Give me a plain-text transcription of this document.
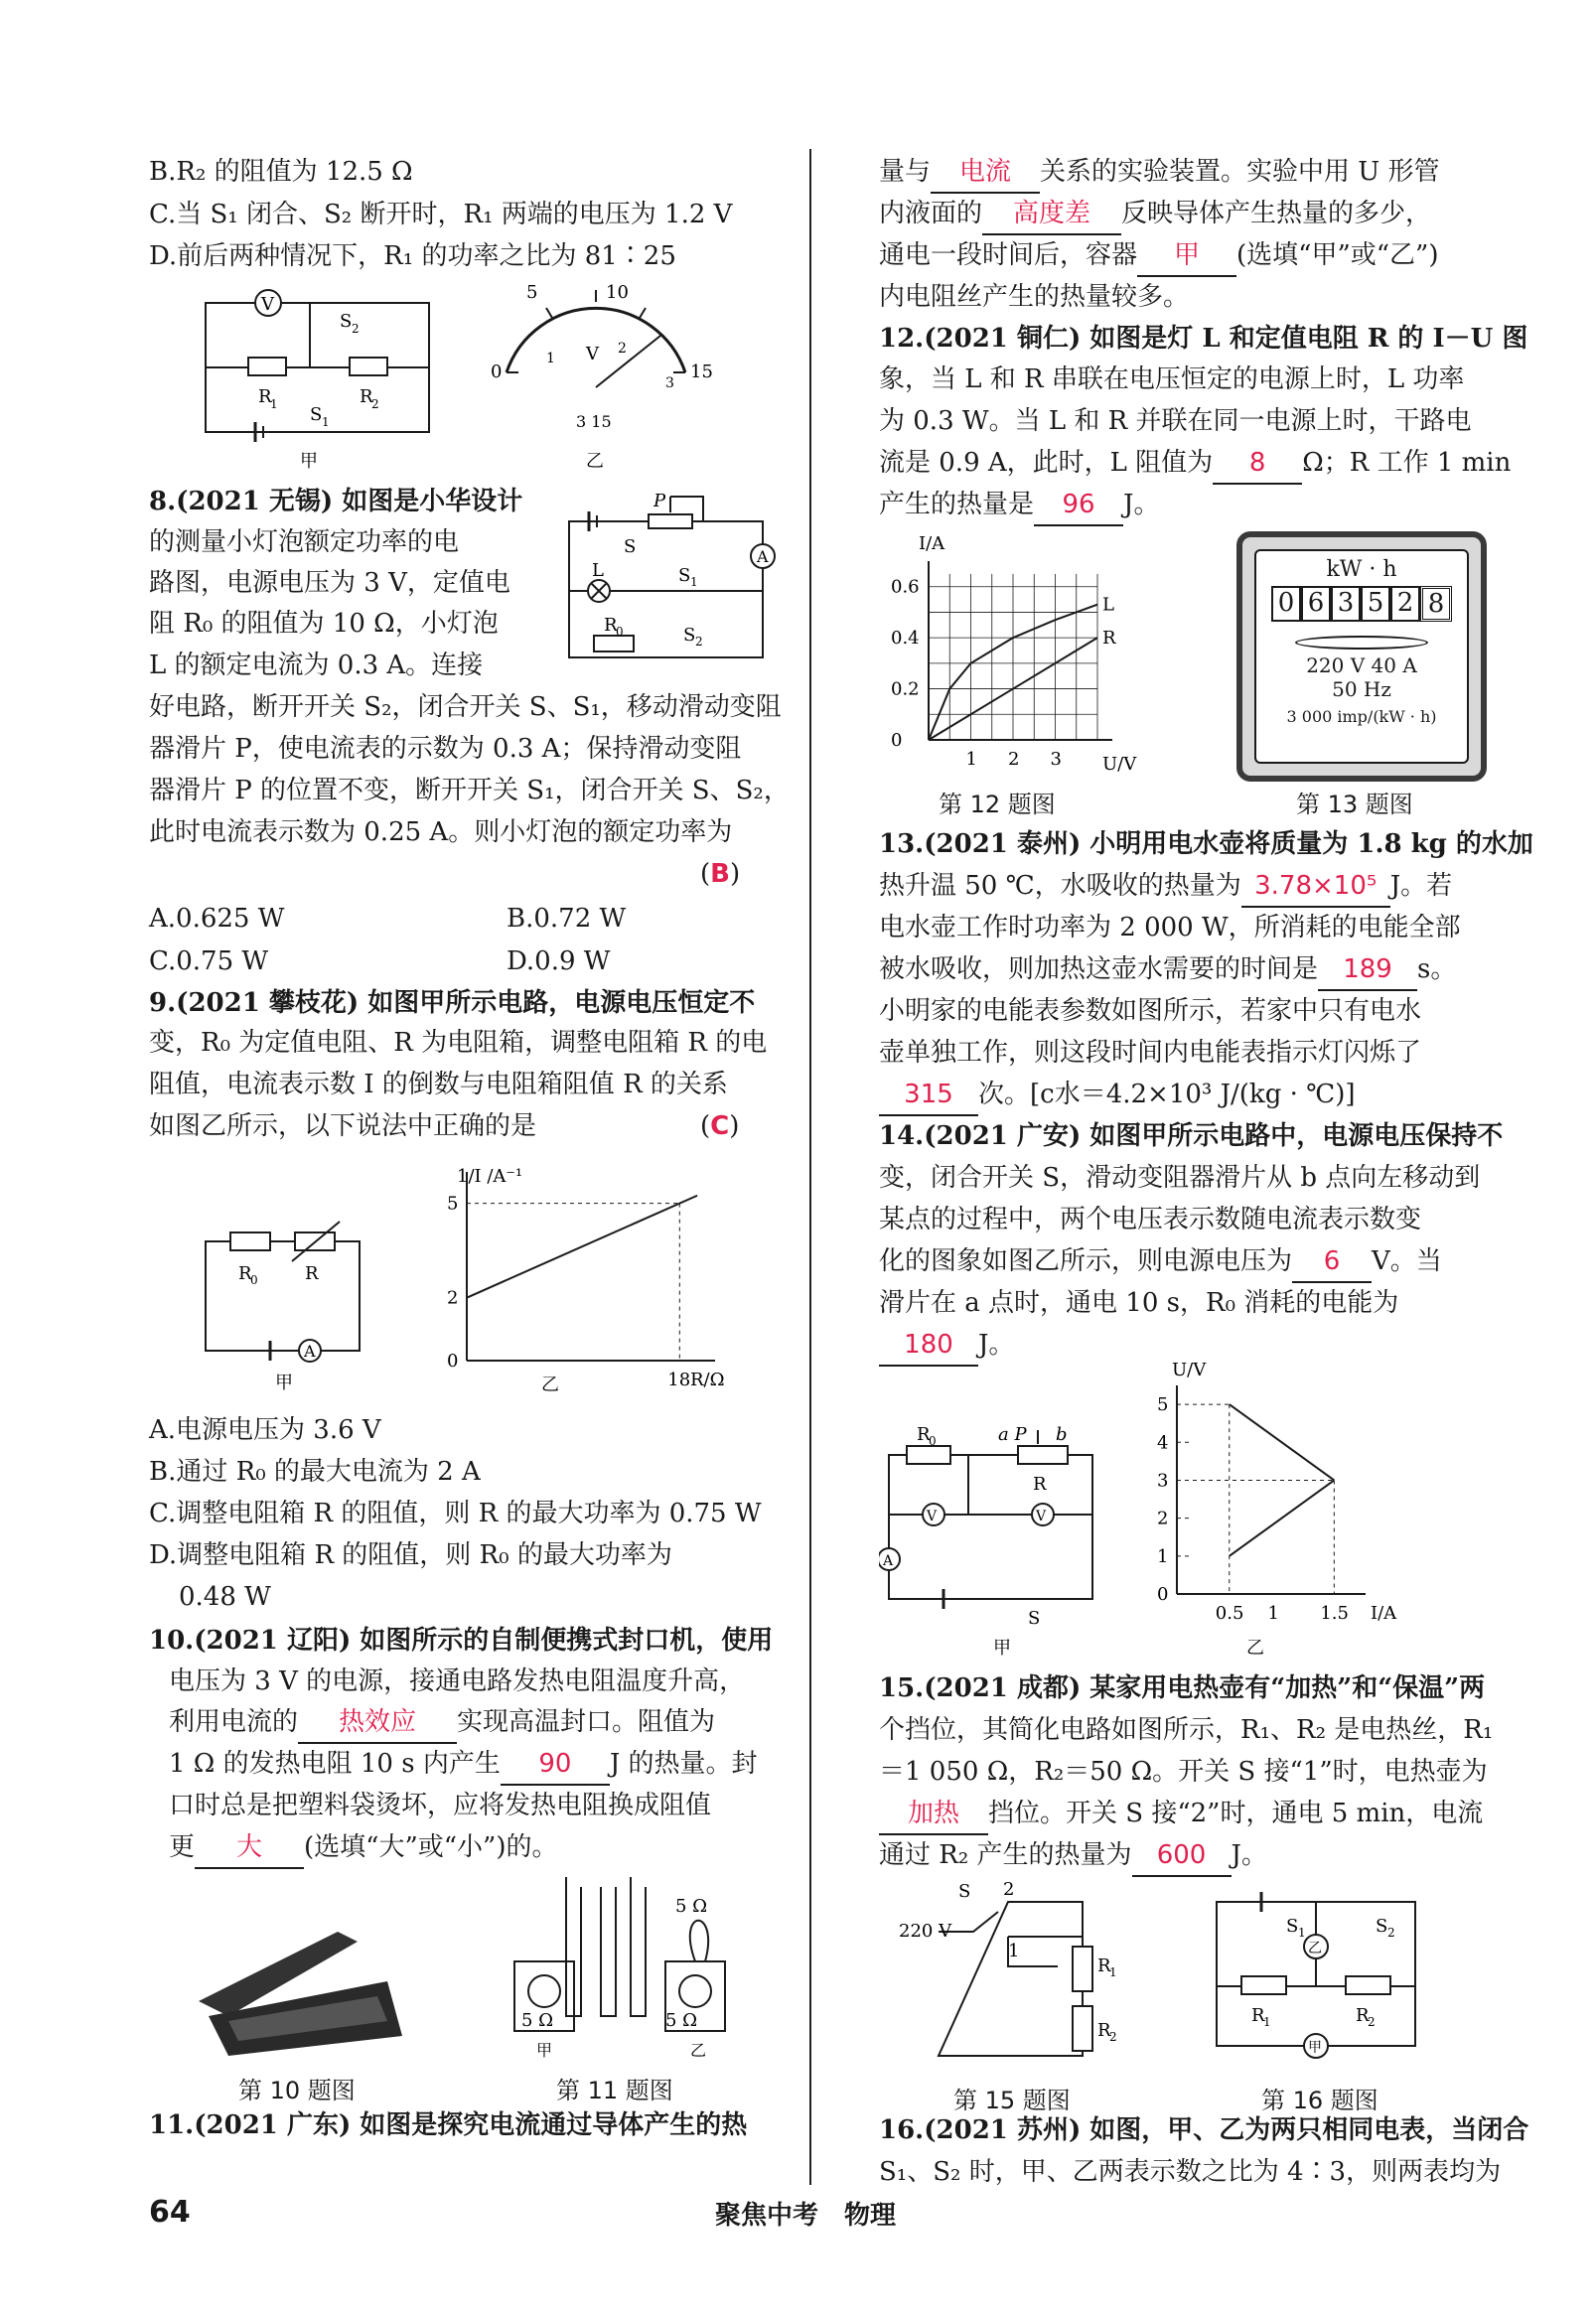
B.R₂ 的阻值为 12.5 Ω
C.当 S₁ 闭合、S₂ 断开时，R₁ 两端的电压为 1.2 V
D.前后两种情况下，R₁ 的功率之比为 81∶25
V
S 2
R
1	R
2
S 1
甲
0
5	10
15
1
2
3
V
3 15
乙
8.(2021 无锡) 如图是小华设计
的测量小灯泡额定功率的电
路图，电源电压为 3 V，定值电
阻 R₀ 的阻值为 10 Ω，小灯泡
L 的额定电流为 0.3 A。连接
好电路，断开开关 S₂，闭合开关 S、S₁，移动滑动变阻
器滑片 P，使电流表的示数为 0.3 A；保持滑动变阻
器滑片 P 的位置不变，断开开关 S₁，闭合开关 S、S₂，
此时电流表示数为 0.25 A。则小灯泡的额定功率为
(B)
A.0.625 W	B.0.72 W
C.0.75 W	D.0.9 W
A
P
S
L	S 1
R
0	S 2
9.(2021 攀枝花) 如图甲所示电路，电源电压恒定不
变，R₀ 为定值电阻、R 为电阻箱，调整电阻箱 R 的电
阻值，电流表示数 I 的倒数与电阻箱阻值 R 的关系
如图乙所示，以下说法中正确的是	(C)
A
R
0	R
甲
1/I /A⁻¹
R/Ω
乙
5
2
0
18
A.电源电压为 3.6 V
B.通过 R₀ 的最大电流为 2 A
C.调整电阻箱 R 的阻值，则 R 的最大功率为 0.75 W
D.调整电阻箱 R 的阻值，则 R₀ 的最大功率为
0.48 W
10.(2021 辽阳) 如图所示的自制便携式封口机，使用
电压为 3 V 的电源，接通电路发热电阻温度升高，
利用电流的 热效应 实现高温封口。阻值为
1 Ω 的发热电阻 10 s 内产生 90 J 的热量。封
口时总是把塑料袋烫坏，应将发热电阻换成阻值
更 大 (选填“大”或“小”)的。
第 10 题图
5 Ω
5 Ω	5 Ω
甲	乙
第 11 题图
11.(2021 广东) 如图是探究电流通过导体产生的热
64	聚焦中考　物理
量与 电流 关系的实验装置。实验中用 U 形管
内液面的 高度差 反映导体产生热量的多少，
通电一段时间后，容器 甲 (选填“甲”或“乙”)
内电阻丝产生的热量较多。
12.(2021 铜仁) 如图是灯 L 和定值电阻 R 的 I－U 图
象，当 L 和 R 串联在电压恒定的电源上时，L 功率
为 0.3 W。当 L 和 R 并联在同一电源上时，干路电
流是 0.9 A，此时，L 阻值为 8 Ω；R 工作 1 min
产生的热量是 96 J。
I/A
U/V
L
R
0.6
0.4
0.2
0
1 2 3
第 12 题图
kW · h
0 6 3 5 2 8
220 V 40 A
50 Hz
3 000 imp/(kW · h)
第 13 题图
13.(2021 泰州) 小明用电水壶将质量为 1.8 kg 的水加
热升温 50 ℃，水吸收的热量为 3.78×10⁵ J。若
电水壶工作时功率为 2 000 W，所消耗的电能全部
被水吸收，则加热这壶水需要的时间是 189 s。
小明家的电能表参数如图所示，若家中只有电水
壶单独工作，则这段时间内电能表指示灯闪烁了
315 次。[c水＝4.2×10³ J/(kg · ℃)]
14.(2021 广安) 如图甲所示电路中，电源电压保持不
变，闭合开关 S，滑动变阻器滑片从 b 点向左移动到
某点的过程中，两个电压表示数随电流表示数变
化的图象如图乙所示，则电源电压为 6 V。当
滑片在 a 点时，通电 10 s，R₀ 消耗的电能为
180 J。
V	V
A
R
0	a P b
R
S
甲
U/V
I/A
乙
5
4
3
2
1
0
0.5 1 1.5
15.(2021 成都) 某家用电热壶有“加热”和“保温”两
个挡位，其简化电路如图所示，R₁、R₂ 是电热丝，R₁
＝1 050 Ω，R₂＝50 Ω。开关 S 接“1”时，电热壶为
加热 挡位。开关 S 接“2”时，通电 5 min，电流
通过 R₂ 产生的热量为 600 J。
S 2
1
220 V
R
1
R
2
第 15 题图
乙
甲
S 1	S 2
R
1	R
2
第 16 题图
16.(2021 苏州) 如图，甲、乙为两只相同电表，当闭合
S₁、S₂ 时，甲、乙两表示数之比为 4∶3，则两表均为
